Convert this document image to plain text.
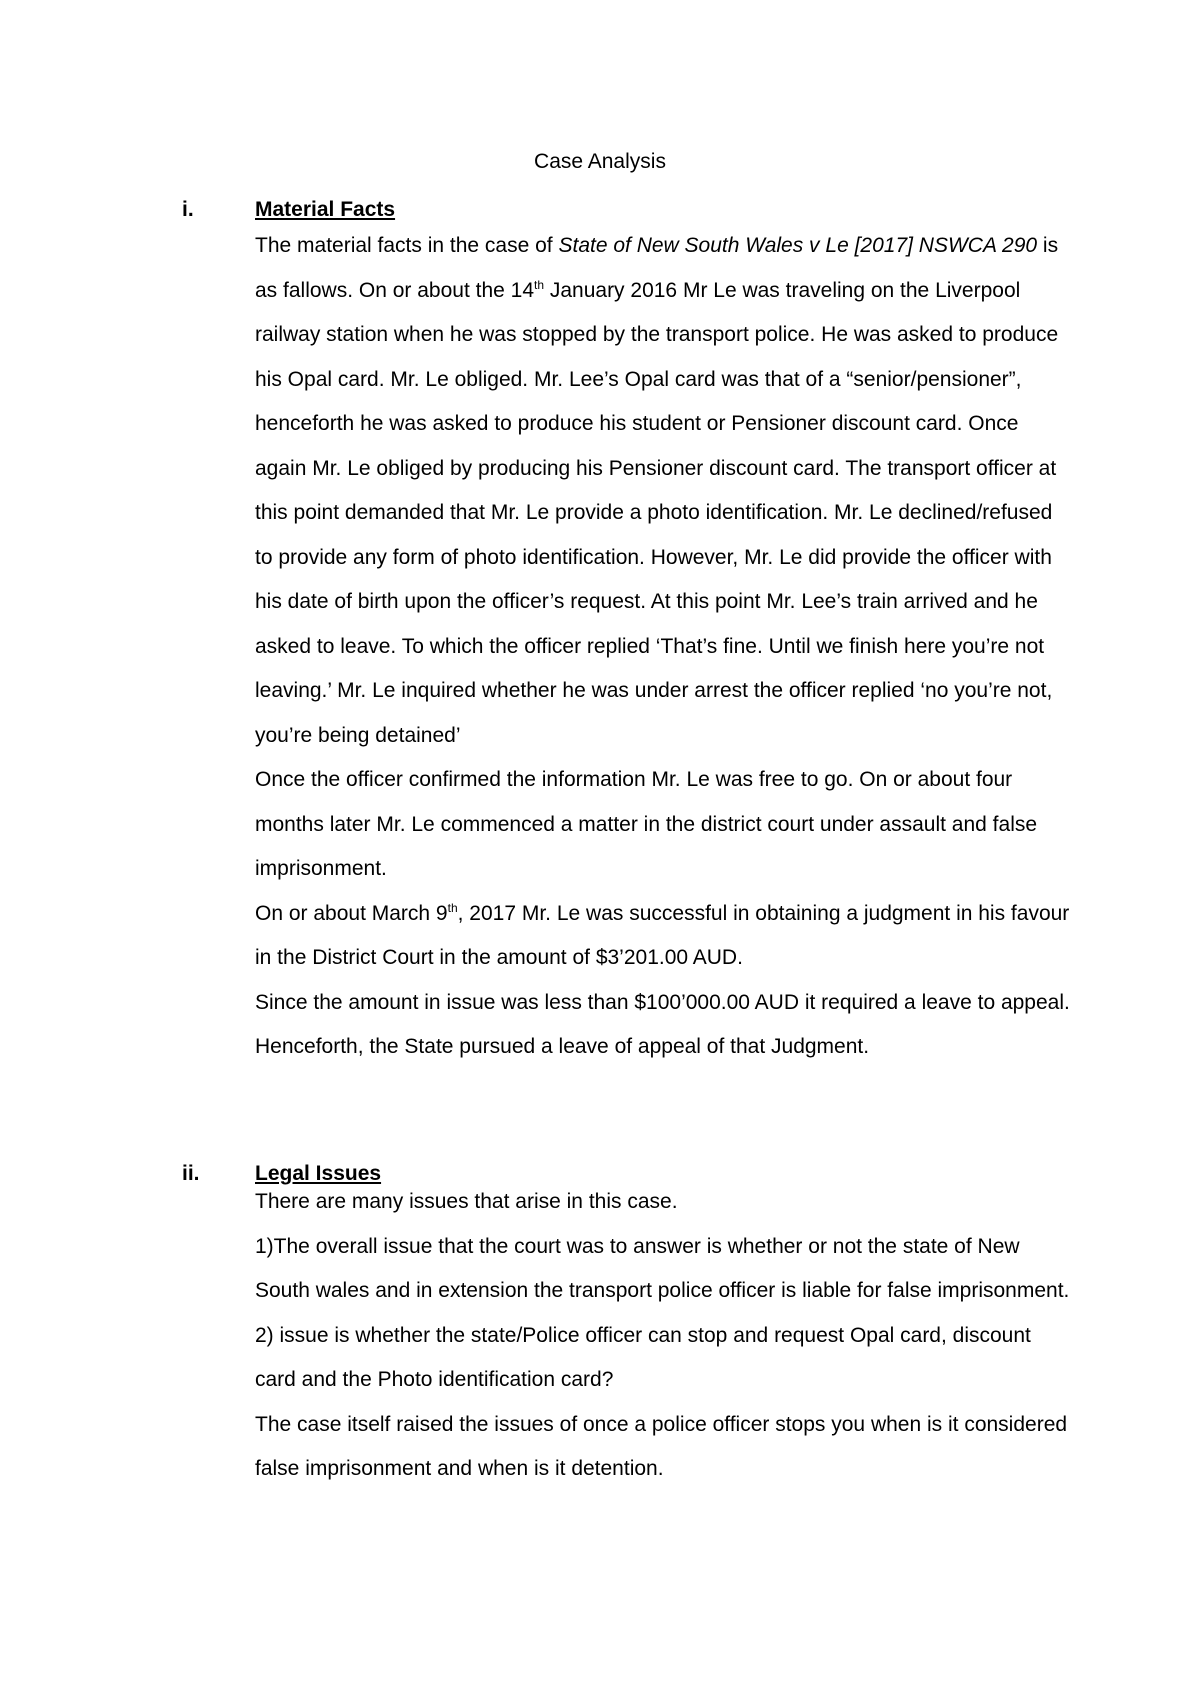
Case Analysis
i.	Material Facts

The material facts in the case of State of New South Wales v Le [2017] NSWCA 290 is as fallows. On or about the 14th January 2016 Mr Le was traveling on the Liverpool railway station when he was stopped by the transport police. He was asked to produce his Opal card. Mr. Le obliged. Mr. Lee’s Opal card was that of a “senior/pensioner”, henceforth he was asked to produce his student or Pensioner discount card. Once again Mr. Le obliged by producing his Pensioner discount card. The transport officer at this point demanded that Mr. Le provide a photo identification. Mr. Le declined/refused to provide any form of photo identification. However, Mr. Le did provide the officer with his date of birth upon the officer’s request. At this point Mr. Lee’s train arrived and he asked to leave. To which the officer replied ‘That’s fine. Until we finish here you’re not leaving.’ Mr. Le inquired whether he was under arrest the officer replied ‘no you’re not, you’re being detained’

Once the officer confirmed the information Mr. Le was free to go. On or about four months later Mr. Le commenced a matter in the district court under assault and false imprisonment.

On or about March 9th, 2017 Mr. Le was successful in obtaining a judgment in his favour in the District Court in the amount of $3’201.00 AUD.

Since the amount in issue was less than $100’000.00 AUD it required a leave to appeal. Henceforth, the State pursued a leave of appeal of that Judgment.

ii.	Legal Issues

There are many issues that arise in this case.

1)The overall issue that the court was to answer is whether or not the state of New South wales and in extension the transport police officer is liable for false imprisonment.

2) issue is whether the state/Police officer can stop and request Opal card, discount card and the Photo identification card?

The case itself raised the issues of once a police officer stops you when is it considered false imprisonment and when is it detention.
